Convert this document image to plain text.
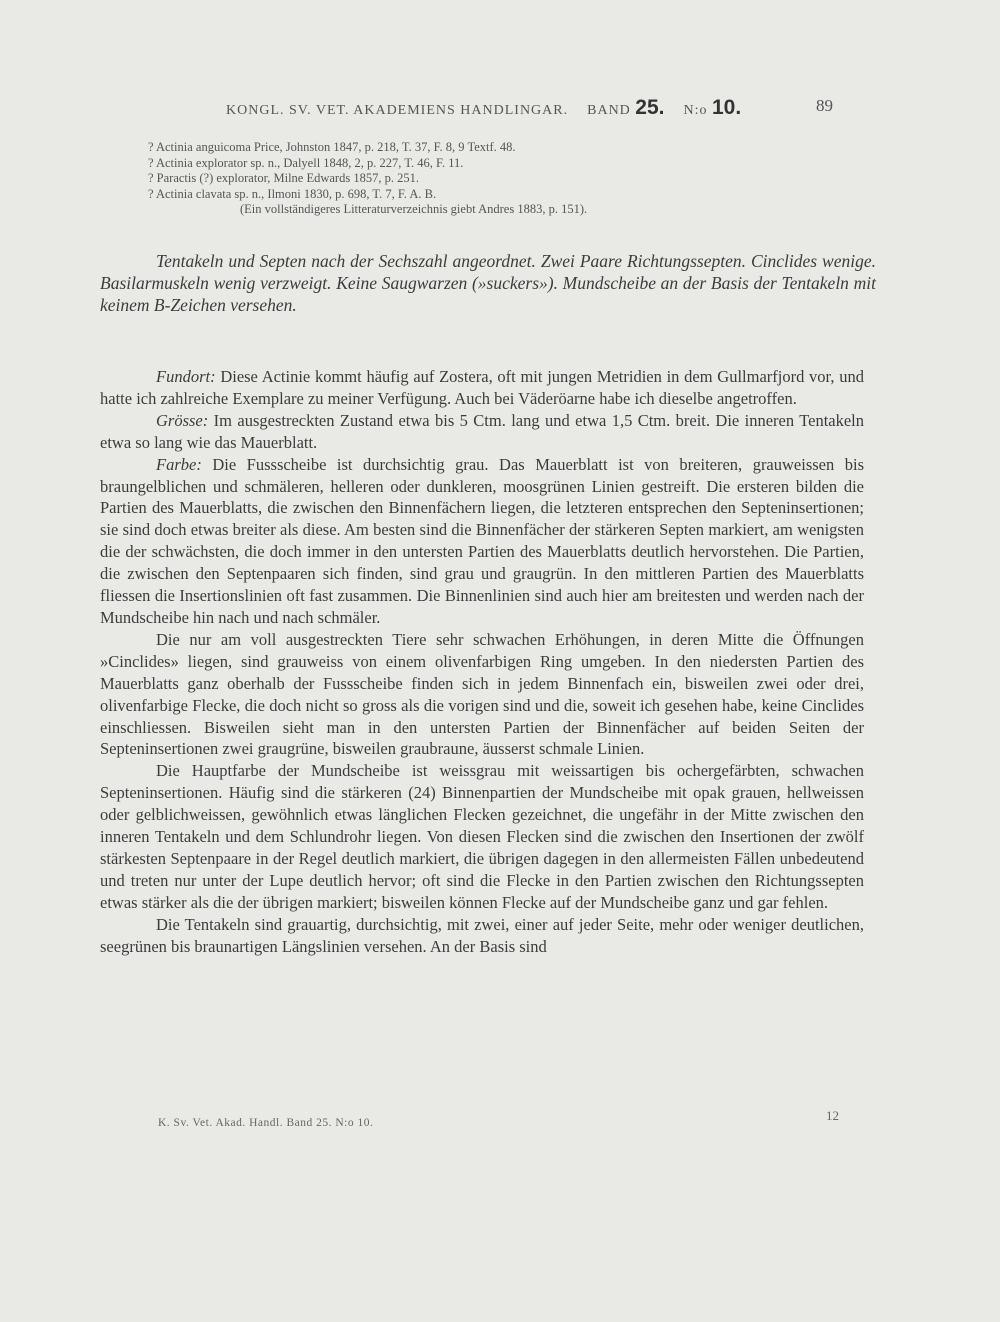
KONGL. SV. VET. AKADEMIENS HANDLINGAR. BAND 25. N:o 10.	89
? Actinia anguicoma Price, Johnston 1847, p. 218, T. 37, F. 8, 9 Textf. 48.
? Actinia explorator sp. n., Dalyell 1848, 2, p. 227, T. 46, F. 11.
? Paractis (?) explorator, Milne Edwards 1857, p. 251.
? Actinia clavata sp. n., Ilmoni 1830, p. 698, T. 7, F. A. B.
(Ein vollständigeres Litteraturverzeichnis giebt Andres 1883, p. 151).

Tentakeln und Septen nach der Sechszahl angeordnet. Zwei Paare Richtungssepten. Cinclides wenige. Basilarmuskeln wenig verzweigt. Keine Saugwarzen (»suckers»). Mundscheibe an der Basis der Tentakeln mit keinem B-Zeichen versehen.

Fundort: Diese Actinie kommt häufig auf Zostera, oft mit jungen Metridien in dem Gullmarfjord vor, und hatte ich zahlreiche Exemplare zu meiner Verfügung. Auch bei Väderöarne habe ich dieselbe angetroffen.

Grösse: Im ausgestreckten Zustand etwa bis 5 Ctm. lang und etwa 1,5 Ctm. breit. Die inneren Tentakeln etwa so lang wie das Mauerblatt.

Farbe: Die Fussscheibe ist durchsichtig grau. Das Mauerblatt ist von breiteren, grauweissen bis braungelblichen und schmäleren, helleren oder dunkleren, moosgrünen Linien gestreift. Die ersteren bilden die Partien des Mauerblatts, die zwischen den Binnenfächern liegen, die letzteren entsprechen den Septeninsertionen; sie sind doch etwas breiter als diese. Am besten sind die Binnenfächer der stärkeren Septen markiert, am wenigsten die der schwächsten, die doch immer in den untersten Partien des Mauerblatts deutlich hervorstehen. Die Partien, die zwischen den Septenpaaren sich finden, sind grau und graugrün. In den mittleren Partien des Mauerblatts fliessen die Insertionslinien oft fast zusammen. Die Binnenlinien sind auch hier am breitesten und werden nach der Mundscheibe hin nach und nach schmäler.

Die nur am voll ausgestreckten Tiere sehr schwachen Erhöhungen, in deren Mitte die Öffnungen »Cinclides» liegen, sind grauweiss von einem olivenfarbigen Ring umgeben. In den niedersten Partien des Mauerblatts ganz oberhalb der Fussscheibe finden sich in jedem Binnenfach ein, bisweilen zwei oder drei, olivenfarbige Flecke, die doch nicht so gross als die vorigen sind und die, soweit ich gesehen habe, keine Cinclides einschliessen. Bisweilen sieht man in den untersten Partien der Binnenfächer auf beiden Seiten der Septeninsertionen zwei graugrüne, bisweilen graubraune, äusserst schmale Linien.

Die Hauptfarbe der Mundscheibe ist weissgrau mit weissartigen bis ochergefärbten, schwachen Septeninsertionen. Häufig sind die stärkeren (24) Binnenpartien der Mundscheibe mit opak grauen, hellweissen oder gelblichweissen, gewöhnlich etwas länglichen Flecken gezeichnet, die ungefähr in der Mitte zwischen den inneren Tentakeln und dem Schlundrohr liegen. Von diesen Flecken sind die zwischen den Insertionen der zwölf stärkesten Septenpaare in der Regel deutlich markiert, die übrigen dagegen in den allermeisten Fällen unbedeutend und treten nur unter der Lupe deutlich hervor; oft sind die Flecke in den Partien zwischen den Richtungssepten etwas stärker als die der übrigen markiert; bisweilen können Flecke auf der Mundscheibe ganz und gar fehlen.

Die Tentakeln sind grauartig, durchsichtig, mit zwei, einer auf jeder Seite, mehr oder weniger deutlichen, seegrünen bis braunartigen Längslinien versehen. An der Basis sind

K. Sv. Vet. Akad. Handl. Band 25. N:o 10.	12
